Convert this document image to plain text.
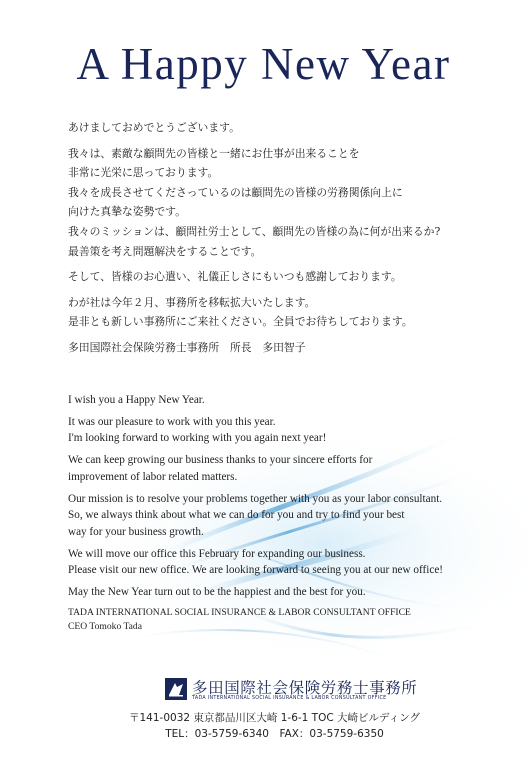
A Happy New Year

あけましておめでとうございます。

我々は、素敵な顧問先の皆様と一緒にお仕事が出来ることを
非常に光栄に思っております。
我々を成長させてくださっているのは顧問先の皆様の労務関係向上に
向けた真摯な姿勢です。
我々のミッションは、顧問社労士として、顧問先の皆様の為に何が出来るか?
最善策を考え問題解決をすることです。

そして、皆様のお心遣い、礼儀正しさにもいつも感謝しております。

わが社は今年２月、事務所を移転拡大いたします。
是非とも新しい事務所にご来社ください。全員でお待ちしております。

多田国際社会保険労務士事務所　所長　多田智子

I wish you a Happy New Year.

It was our pleasure to work with you this year.
I'm looking forward to working with you again next year!

We can keep growing our business thanks to your sincere efforts for
improvement of labor related matters.

Our mission is to resolve your problems together with you as your labor consultant.
So, we always think about what we can do for you and try to find your best
way for your business growth.

We will move our office this February for expanding our business.
Please visit our new office. We are looking forward to seeing you at our new office!

May the New Year turn out to be the happiest and the best for you.

TADA INTERNATIONAL SOCIAL INSURANCE & LABOR CONSULTANT OFFICE
CEO Tomoko Tada

多田国際社会保険労務士事務所
TADA INTERNATIONAL SOCIAL INSURANCE & LABOR CONSULTANT OFFICE
〒141-0032 東京都品川区大崎 1-6-1 TOC 大崎ビルディング
TEL：03-5759-6340　FAX：03-5759-6350
